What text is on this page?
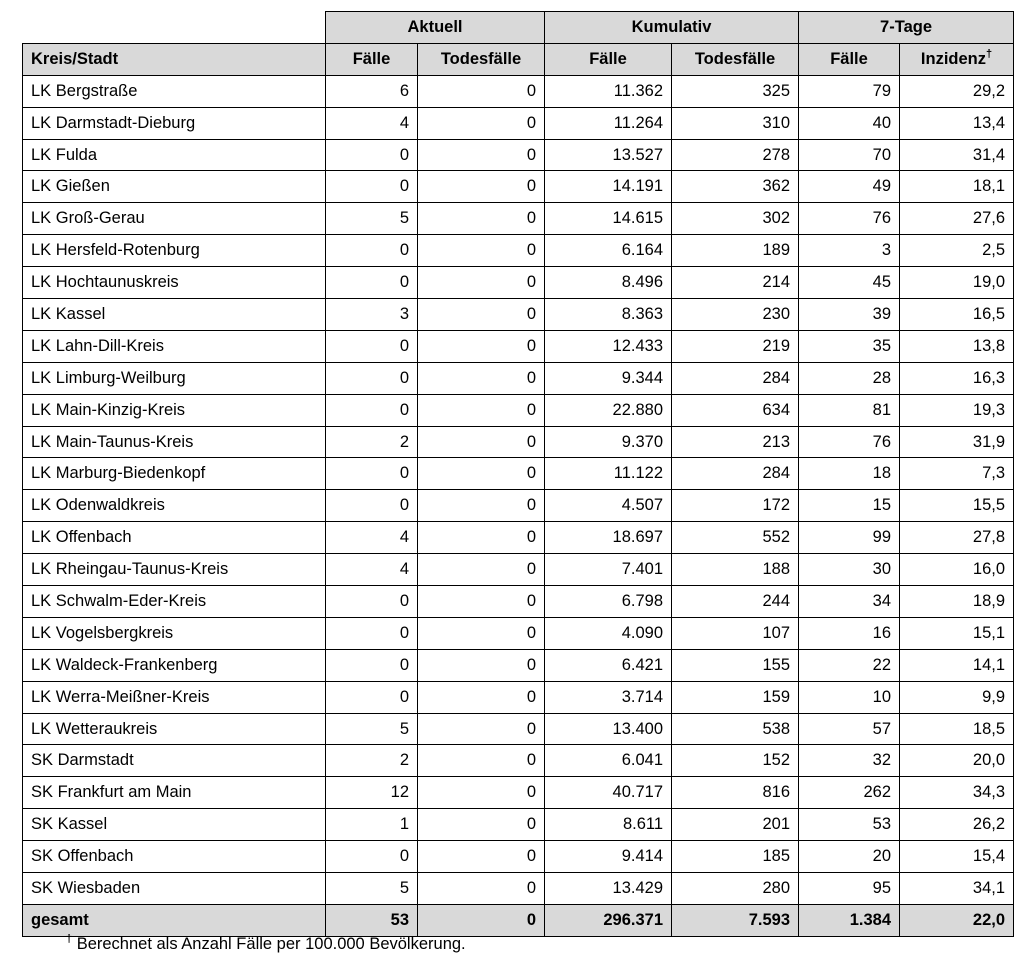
	Aktuell		Kumulativ		7-Tage	
Kreis/Stadt	Fälle	Todesfälle	Fälle	Todesfälle	Fälle	Inzidenz†
LK Bergstraße	6	0	11.362	325	79	29,2
LK Darmstadt-Dieburg	4	0	11.264	310	40	13,4
LK Fulda	0	0	13.527	278	70	31,4
LK Gießen	0	0	14.191	362	49	18,1
LK Groß-Gerau	5	0	14.615	302	76	27,6
LK Hersfeld-Rotenburg	0	0	6.164	189	3	2,5
LK Hochtaunuskreis	0	0	8.496	214	45	19,0
LK Kassel	3	0	8.363	230	39	16,5
LK Lahn-Dill-Kreis	0	0	12.433	219	35	13,8
LK Limburg-Weilburg	0	0	9.344	284	28	16,3
LK Main-Kinzig-Kreis	0	0	22.880	634	81	19,3
LK Main-Taunus-Kreis	2	0	9.370	213	76	31,9
LK Marburg-Biedenkopf	0	0	11.122	284	18	7,3
LK Odenwaldkreis	0	0	4.507	172	15	15,5
LK Offenbach	4	0	18.697	552	99	27,8
LK Rheingau-Taunus-Kreis	4	0	7.401	188	30	16,0
LK Schwalm-Eder-Kreis	0	0	6.798	244	34	18,9
LK Vogelsbergkreis	0	0	4.090	107	16	15,1
LK Waldeck-Frankenberg	0	0	6.421	155	22	14,1
LK Werra-Meißner-Kreis	0	0	3.714	159	10	9,9
LK Wetteraukreis	5	0	13.400	538	57	18,5
SK Darmstadt	2	0	6.041	152	32	20,0
SK Frankfurt am Main	12	0	40.717	816	262	34,3
SK Kassel	1	0	8.611	201	53	26,2
SK Offenbach	0	0	9.414	185	20	15,4
SK Wiesbaden	5	0	13.429	280	95	34,1
gesamt	53	0	296.371	7.593	1.384	22,0
† Berechnet als Anzahl Fälle per 100.000 Bevölkerung.
